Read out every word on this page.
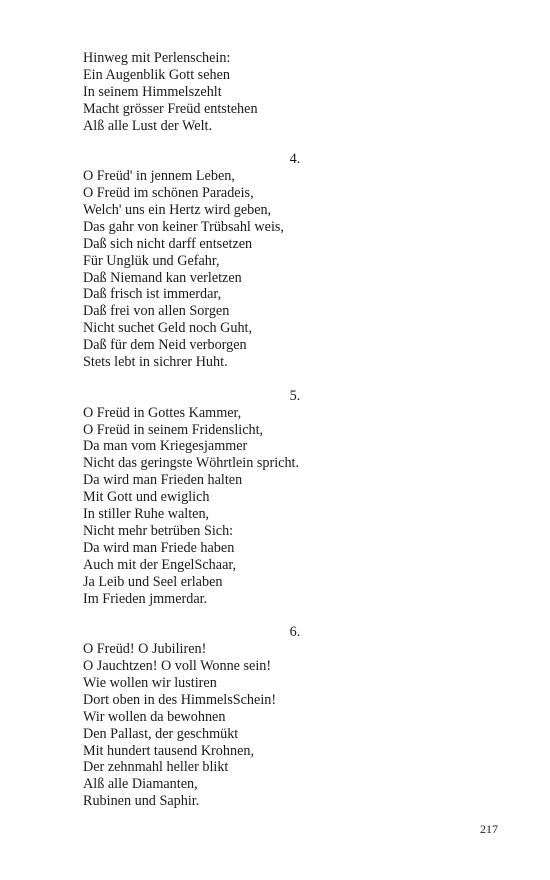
Hinweg mit Perlenschein:
Ein Augenblik Gott sehen
In seinem Himmelszehlt
Macht grösser Freüd entstehen
Alß alle Lust der Welt.
4.
O Freüd' in jennem Leben,
O Freüd im schönen Paradeis,
Welch' uns ein Hertz wird geben,
Das gahr von keiner Trübsahl weis,
Daß sich nicht darff entsetzen
Für Unglük und Gefahr,
Daß Niemand kan verletzen
Daß frisch ist immerdar,
Daß frei von allen Sorgen
Nicht suchet Geld noch Guht,
Daß für dem Neid verborgen
Stets lebt in sichrer Huht.
5.
O Freüd in Gottes Kammer,
O Freüd in seinem Fridenslicht,
Da man vom Kriegesjammer
Nicht das geringste Wöhrtlein spricht.
Da wird man Frieden halten
Mit Gott und ewiglich
In stiller Ruhe walten,
Nicht mehr betrüben Sich:
Da wird man Friede haben
Auch mit der EngelSchaar,
Ja Leib und Seel erlaben
Im Frieden jmmerdar.
6.
O Freüd! O Jubiliren!
O Jauchtzen! O voll Wonne sein!
Wie wollen wir lustiren
Dort oben in des HimmelsSchein!
Wir wollen da bewohnen
Den Pallast, der geschmükt
Mit hundert tausend Krohnen,
Der zehnmahl heller blikt
Alß alle Diamanten,
Rubinen und Saphir.
217
